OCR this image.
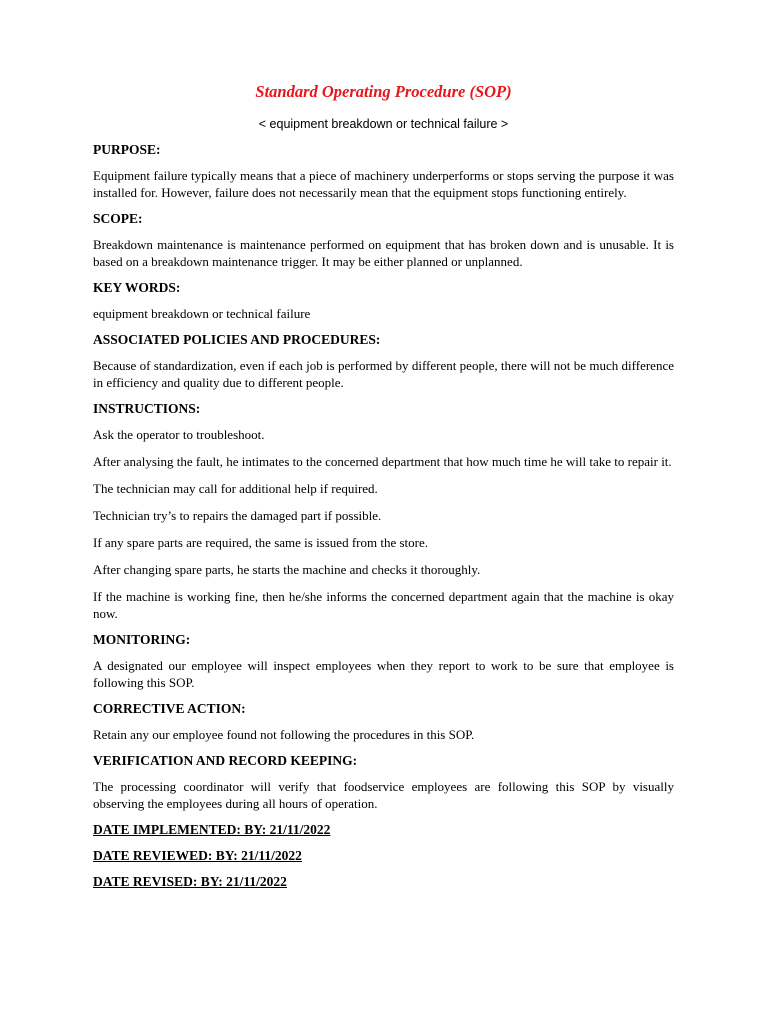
Standard Operating Procedure (SOP)

< equipment breakdown or technical failure >

PURPOSE:

Equipment failure typically means that a piece of machinery underperforms or stops serving the purpose it was installed for. However, failure does not necessarily mean that the equipment stops functioning entirely.

SCOPE:

Breakdown maintenance is maintenance performed on equipment that has broken down and is unusable. It is based on a breakdown maintenance trigger. It may be either planned or unplanned.

KEY WORDS:

equipment breakdown or technical failure

ASSOCIATED POLICIES AND PROCEDURES:

Because of standardization, even if each job is performed by different people, there will not be much difference in efficiency and quality due to different people.

INSTRUCTIONS:

Ask the operator to troubleshoot.

After analysing the fault, he intimates to the concerned department that how much time he will take to repair it.

The technician may call for additional help if required.

Technician try’s to repairs the damaged part if possible.

If any spare parts are required, the same is issued from the store.

After changing spare parts, he starts the machine and checks it thoroughly.

If the machine is working fine, then he/she informs the concerned department again that the machine is okay now.

MONITORING:

A designated our employee will inspect employees when they report to work to be sure that employee is following this SOP.

CORRECTIVE ACTION:

Retain any our employee found not following the procedures in this SOP.

VERIFICATION AND RECORD KEEPING:

The processing coordinator will verify that foodservice employees are following this SOP by visually observing the employees during all hours of operation.

DATE IMPLEMENTED: BY: 21/11/2022

DATE REVIEWED: BY: 21/11/2022

DATE REVISED: BY: 21/11/2022
